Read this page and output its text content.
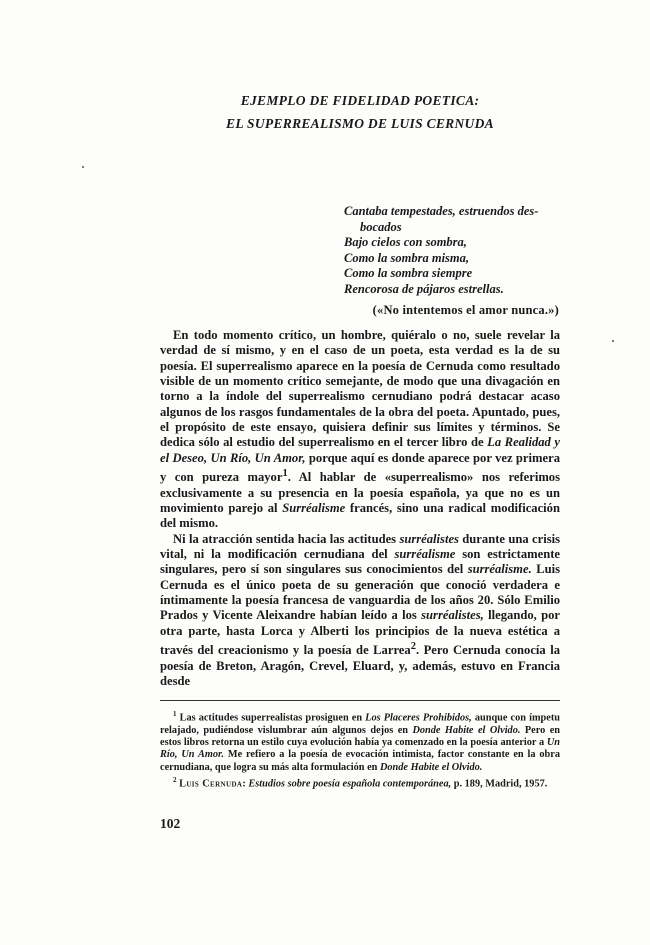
EJEMPLO DE FIDELIDAD POETICA:
EL SUPERREALISMO DE LUIS CERNUDA
Cantaba tempestades, estruendos des-
bocados
Bajo cielos con sombra,
Como la sombra misma,
Como la sombra siempre
Rencorosa de pájaros estrellas.
(«No intentemos el amor nunca.»)

En todo momento crítico, un hombre, quiéralo o no, suele revelar la verdad de sí mismo, y en el caso de un poeta, esta verdad es la de su poesía. El superrealismo aparece en la poesía de Cernuda como resultado visible de un momento crítico semejante, de modo que una divagación en torno a la índole del superrealismo cernudiano podrá destacar acaso algunos de los rasgos fundamentales de la obra del poeta. Apuntado, pues, el propósito de este ensayo, quisiera definir sus límites y términos. Se dedica sólo al estudio del superrealismo en el tercer libro de La Realidad y el Deseo, Un Río, Un Amor, porque aquí es donde aparece por vez primera y con pureza mayor$^1$. Al hablar de «superrealismo» nos referimos exclusivamente a su presencia en la poesía española, ya que no es un movimiento parejo al Surréalisme francés, sino una radical modificación del mismo.

Ni la atracción sentida hacia las actitudes surréalistes durante una crisis vital, ni la modificación cernudiana del surréalisme son estrictamente singulares, pero sí son singulares sus conocimientos del surréalisme. Luis Cernuda es el único poeta de su generación que conoció verdadera e íntimamente la poesía francesa de vanguardia de los años 20. Sólo Emilio Prados y Vicente Aleixandre habían leído a los surréalistes, llegando, por otra parte, hasta Lorca y Alberti los principios de la nueva estética a través del creacionismo y la poesía de Larrea$^2$. Pero Cernuda conocía la poesía de Breton, Aragón, Crevel, Eluard, y, además, estuvo en Francia desde

$^1$ Las actitudes superrealistas prosiguen en Los Placeres Prohibidos, aunque con ímpetu relajado, pudiéndose vislumbrar aún algunos dejos en Donde Habite el Olvido. Pero en estos libros retorna un estilo cuya evolución había ya comenzado en la poesía anterior a Un Río, Un Amor. Me refiero a la poesía de evocación intimista, factor constante en la obra cernudiana, que logra su más alta formulación en Donde Habite el Olvido.

$^2$ Luis Cernuda: Estudios sobre poesía española contemporánea, p. 189, Madrid, 1957.

102
